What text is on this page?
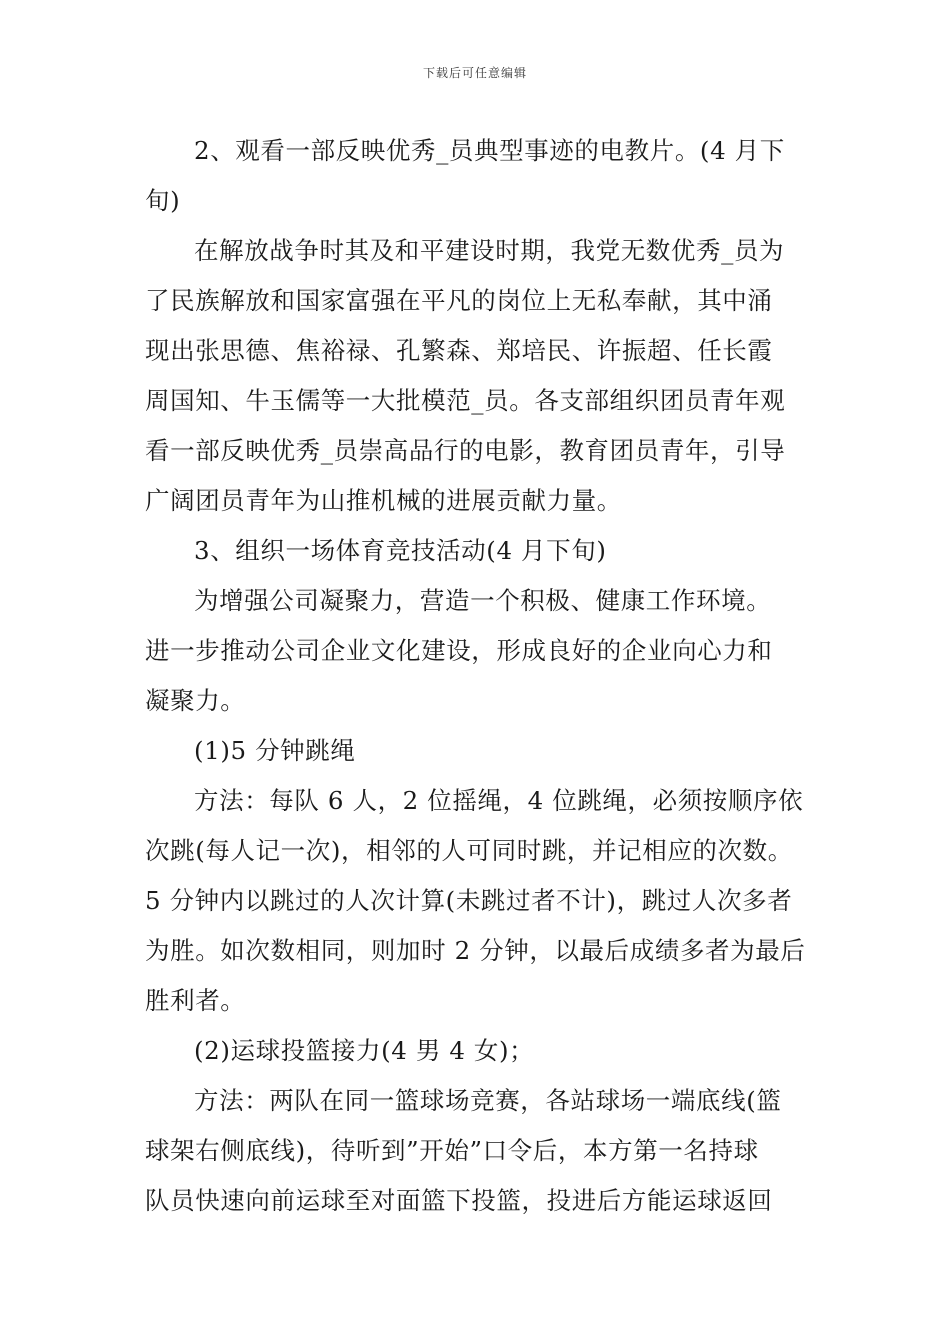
下载后可任意编辑
2、观看一部反映优秀_员典型事迹的电教片。(4 月下
旬)
在解放战争时其及和平建设时期，我党无数优秀_员为
了民族解放和国家富强在平凡的岗位上无私奉献，其中涌
现出张思德、焦裕禄、孔繁森、郑培民、许振超、任长霞
周国知、牛玉儒等一大批模范_员。各支部组织团员青年观
看一部反映优秀_员崇高品行的电影，教育团员青年，引导
广阔团员青年为山推机械的进展贡献力量。
3、组织一场体育竞技活动(4 月下旬)
为增强公司凝聚力，营造一个积极、健康工作环境。
进一步推动公司企业文化建设，形成良好的企业向心力和
凝聚力。
(1)5 分钟跳绳
方法：每队 6 人，2 位摇绳，4 位跳绳，必须按顺序依
次跳(每人记一次)，相邻的人可同时跳，并记相应的次数。
5 分钟内以跳过的人次计算(未跳过者不计)，跳过人次多者
为胜。如次数相同，则加时 2 分钟，以最后成绩多者为最后
胜利者。
(2)运球投篮接力(4 男 4 女)；
方法：两队在同一篮球场竞赛，各站球场一端底线(篮
球架右侧底线)，待听到”开始”口令后，本方第一名持球
队员快速向前运球至对面篮下投篮，投进后方能运球返回
